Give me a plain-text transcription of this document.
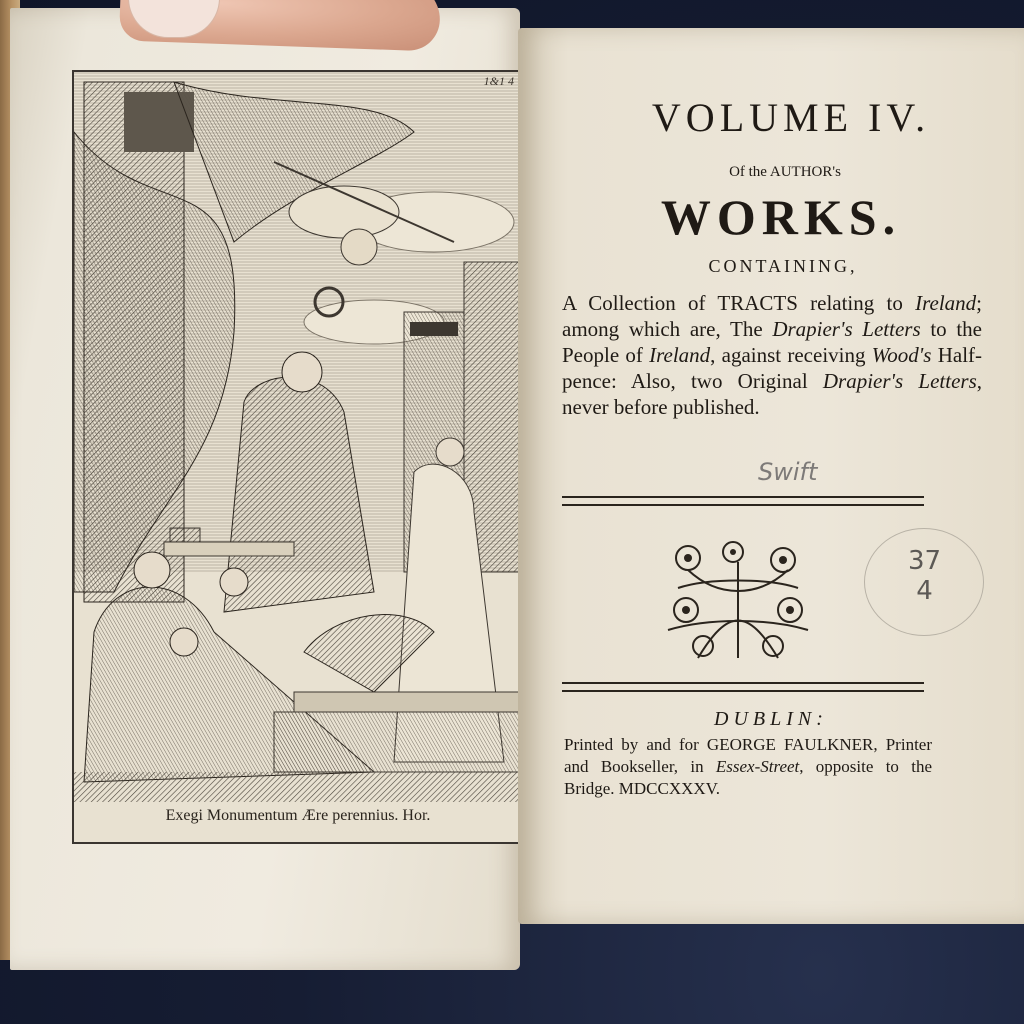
1&1 4
Exegi Monumentum Ære perennius. Hor.
VOLUME IV.
Of the AUTHOR's
WORKS.
CONTAINING,
A Collection of TRACTS relating to Ireland; among which are, The Drapier's Letters to the People of Ireland, against receiving Wood's Half-pence: Also, two Original Drapier's Letters, never before published.
Swift
37
4
DUBLIN:
Printed by and for GEORGE FAULKNER, Printer and Bookseller, in Essex-Street, opposite to the Bridge. MDCCXXXV.
